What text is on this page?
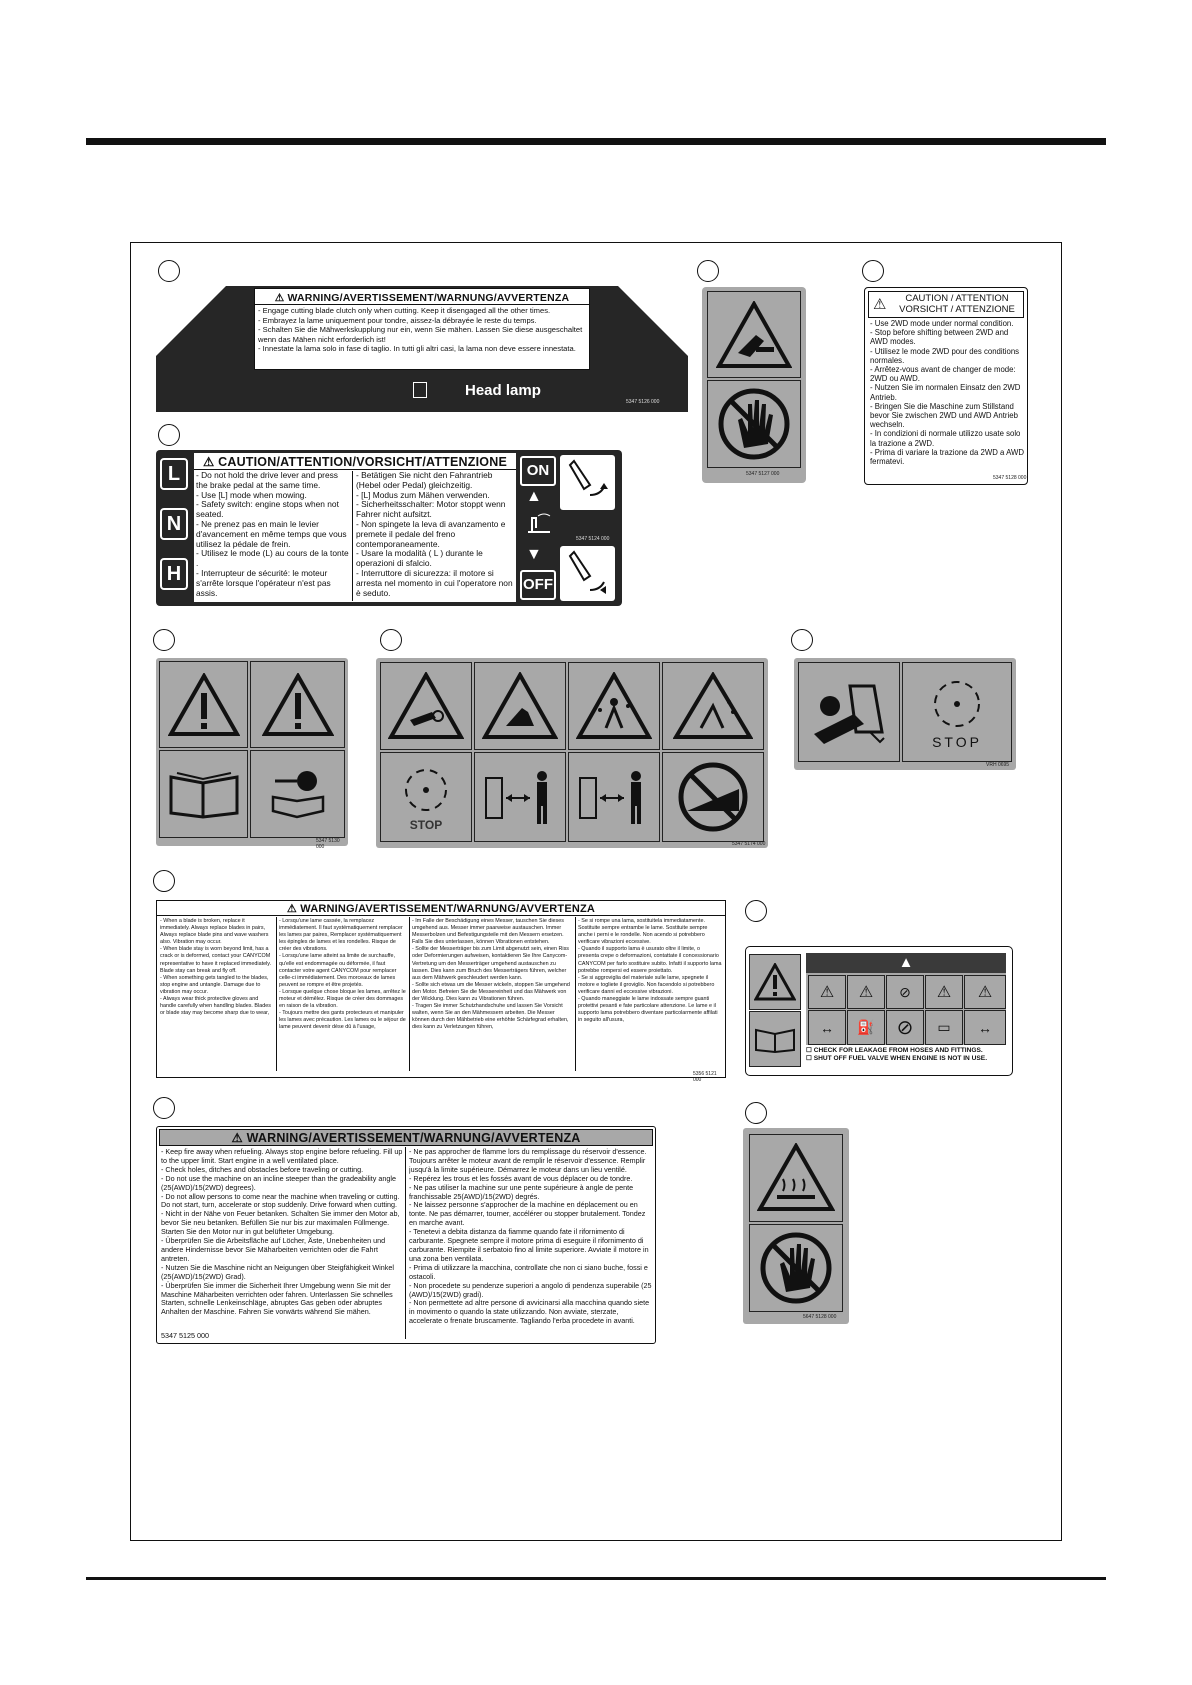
⚠ WARNING/AVERTISSEMENT/WARNUNG/AVVERTENZA
- Engage cutting blade clutch only when cutting. Keep it disengaged all the other times.
- Embrayez la lame uniquement pour tondre, aissez-la débrayée le reste du temps.
- Schalten Sie die Mähwerkskupplung nur ein, wenn Sie mähen. Lassen Sie diese ausgeschaltet wenn das Mähen nicht erforderlich ist!
- Innestate la lama solo in fase di taglio. In tutti gli altri casi, la lama non deve essere innestata.
Head lamp
5347 5126 000
5347 5127 000
⚠	CAUTION / ATTENTION
VORSICHT / ATTENZIONE
- Use 2WD mode under normal condition.
- Stop before shifting between 2WD and AWD modes.
- Utilisez le mode 2WD pour des conditions normales.
- Arrêtez-vous avant de changer de mode: 2WD ou AWD.
- Nutzen Sie im normalen Einsatz den 2WD Antrieb.
- Bringen Sie die Maschine zum Stillstand bevor Sie zwischen 2WD und AWD Antrieb wechseln.
- In condizioni di normale utilizzo usate solo la trazione a 2WD.
- Prima di variare la trazione da 2WD a AWD fermatevi.
5347 5128 000
L
N
H
⚠ CAUTION/ATTENTION/VORSICHT/ATTENZIONE
- Do not hold the drive lever and press the brake pedal at the same time.
- Use [L] mode when mowing.
- Safety switch: engine stops when not seated.
- Ne prenez pas en main le levier d'avancement en même temps que vous utilisez la pédale de frein.
- Utilisez le mode (L) au cours de la tonte .
- Interrupteur de sécurité: le moteur s'arrête lorsque l'opérateur n'est pas assis.
- Betätigen Sie nicht den Fahrantrieb (Hebel oder Pedal) gleichzeitig.
- [L] Modus zum Mähen verwenden.
- Sicherheitsschalter: Motor stoppt wenn Fahrer nicht aufsitzt.
- Non spingete la leva di avanzamento e premete il pedale del freno contemporaneamente.
- Usare la modalità ( L ) durante le operazioni di sfalcio.
- Interruttore di sicurezza: il motore si arresta nel momento in cui l'operatore non è seduto.
ON
▲
▼
OFF
5347 5124 000
5347 5130 000
STOP
5347 5174 000
STOP
VRH 0695
⚠ WARNING/AVERTISSEMENT/WARNUNG/AVVERTENZA
- When a blade is broken, replace it immediately. Always replace blades in pairs, Always replace blade pins and wave washers also. Vibration may occur.
- When blade stay is worn beyond limit, has a crack or is deformed, contact your CANYCOM representative to have it replaced immediately. Blade stay can break and fly off.
- When something gets tangled to the blades, stop engine and untangle. Damage due to vibration may occur.
- Always wear thick protective gloves and handle carefully when handling blades. Blades or blade stay may become sharp due to wear,
- Lorsqu'une lame cassée, la remplacez immédiatement. Il faut systématiquement remplacer les lames par paires, Remplacer systématiquement les épingles de lames et les rondelles. Risque de créer des vibrations.
- Lorsqu'une lame atteint sa limite de surchauffe, qu'elle est endommagée ou déformée, il faut contacter votre agent CANYCOM pour remplacer celle-ci immédiatement. Des morceaux de lames peuvent se rompre et être projetés.
- Lorsque quelque chose bloque les lames, arrêtez le moteur et démêlez. Risque de créer des dommages en raison de la vibration.
- Toujours mettre des gants protecteurs et manipuler les lames avec précaution. Les lames ou le séjour de lame peuvent devenir dèse dû à l'usage,
- Im Falle der Beschädigung eines Messer, tauschen Sie dieses umgehend aus. Messer immer paarweise austauschen. Immer Messerbolzen und Befestigungsteile mit den Messern ersetzen. Falls Sie dies unterlassen, können Vibrationen entstehen.
- Sollte der Messerträger bis zum Limit abgenutzt sein, einen Riss oder Deformierungen aufweisen, kontaktieren Sie Ihre Canycom-Vertretung um den Messerträger umgehend austauschen zu lassen. Dies kann zum Bruch des Messerträgers führen, welcher aus dem Mähwerk geschleudert werden kann.
- Sollte sich etwas um die Messer wickeln, stoppen Sie umgehend den Motor. Befreien Sie die Messereinheit und das Mähwerk von der Wicklung. Dies kann zu Vibrationen führen.
- Tragen Sie immer Schutzhandschuhe und lassen Sie Vorsicht walten, wenn Sie an den Mähmessern arbeiten. Die Messer können durch den Mähbetrieb eine erhöhte Schärfegrad erhalten, dies kann zu Verletzungen führen,
- Se si rompe una lama, sostituitela immediatamente. Sostituite sempre entrambe le lame. Sostituite sempre anche i perni e le rondelle. Non acendo si potrebbero verificare vibrazioni eccessive.
- Quando il supporto lama è usurato oltre il limite, o presenta crepe o deformazioni, contattate il concessionario CANYCOM per farlo sostituire subito. Infatti il supporto lama potrebbe rompersi ed essere proiettato.
- Se si aggroviglia del materiale sulle lame, spegnete il motore e togliete il groviglio. Non facendolo si potrebbero verificare danni ed eccessive vibrazioni.
- Quando maneggiate le lame indossate sempre guanti protettivi pesanti e fate particolare attenzione. Le lame e il supporto lama potrebbero diventare particolarmente affilati in seguito all'usura,
5356 5121 000
▲
⚠	⚠	⊘	⚠	⚠
↔	⛽	⊘	▭	↔
☐ CHECK FOR LEAKAGE FROM HOSES AND FITTINGS.
☐ SHUT OFF FUEL VALVE WHEN ENGINE IS NOT IN USE.
⚠ WARNING/AVERTISSEMENT/WARNUNG/AVVERTENZA
- Keep fire away when refueling. Always stop engine before refueling. Fill up to the upper limit. Start engine in a well ventilated place.
- Check holes, ditches and obstacles before traveling or cutting.
- Do not use the machine on an incline steeper than the gradeability angle (25(AWD)/15(2WD) degrees).
- Do not allow persons to come near the machine when traveling or cutting. Do not start, turn, accelerate or stop suddenly. Drive forward when cutting.
- Nicht in der Nähe von Feuer betanken. Schalten Sie immer den Motor ab, bevor Sie neu betanken. Befüllen Sie nur bis zur maximalen Füllmenge. Starten Sie den Motor nur in gut belüfteter Umgebung.
- Überprüfen Sie die Arbeitsfläche auf Löcher, Äste, Unebenheiten und andere Hindernisse bevor Sie Mäharbeiten verrichten oder die Fahrt antreten.
- Nutzen Sie die Maschine nicht an Neigungen über Steigfähigkeit Winkel (25(AWD)/15(2WD) Grad).
- Überprüfen Sie immer die Sicherheit Ihrer Umgebung wenn Sie mit der Maschine Mäharbeiten verrichten oder fahren. Unterlassen Sie schnelles Starten, schnelle Lenkeinschläge, abruptes Gas geben oder abruptes Anhalten der Maschine. Fahren Sie vorwärts während Sie mähen.
- Ne pas approcher de flamme lors du remplissage du réservoir d'essence. Toujours arrêter le moteur avant de remplir le réservoir d'essence. Remplir jusqu'à la limite supérieure. Démarrez le moteur dans un lieu ventilé.
- Repérez les trous et les fossés avant de vous déplacer ou de tondre.
- Ne pas utiliser la machine sur une pente supérieure à angle de pente franchissable 25(AWD)/15(2WD) degrés.
- Ne laissez personne s'approcher de la machine en déplacement ou en tonte. Ne pas démarrer, tourner, accélérer ou stopper brutalement. Tondez en marche avant.
- Tenetevi a debita distanza da fiamme quando fate il rifornimento di carburante. Spegnete sempre il motore prima di eseguire il rifornimento di carburante. Riempite il serbatoio fino al limite superiore. Avviate il motore in una zona ben ventilata.
- Prima di utilizzare la macchina, controllate che non ci siano buche, fossi e ostacoli.
- Non procedete su pendenze superiori a angolo di pendenza superabile (25 (AWD)/15(2WD) gradi).
- Non permettete ad altre persone di avvicinarsi alla macchina quando siete in movimento o quando la state utilizzando. Non avviate, sterzate, accelerate o frenate bruscamente. Tagliando l'erba procedete in avanti.
5347 5125 000
5647 5128 000
